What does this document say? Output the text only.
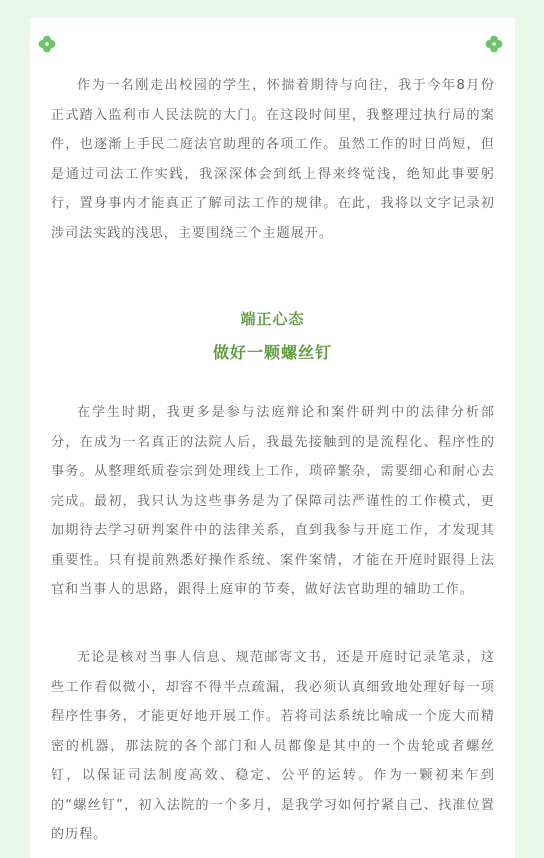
作为一名刚走出校园的学生，怀揣着期待与向往，我于今年8月份正式踏入监利市人民法院的大门。在这段时间里，我整理过执行局的案件，也逐渐上手民二庭法官助理的各项工作。虽然工作的时日尚短，但是通过司法工作实践，我深深体会到纸上得来终觉浅，绝知此事要躬行，置身事内才能真正了解司法工作的规律。在此，我将以文字记录初涉司法实践的浅思，主要围绕三个主题展开。

端正心态
做好一颗螺丝钉

在学生时期，我更多是参与法庭辩论和案件研判中的法律分析部分，在成为一名真正的法院人后，我最先接触到的是流程化、程序性的事务。从整理纸质卷宗到处理线上工作，琐碎繁杂，需要细心和耐心去完成。最初，我只认为这些事务是为了保障司法严谨性的工作模式，更加期待去学习研判案件中的法律关系，直到我参与开庭工作，才发现其重要性。只有提前熟悉好操作系统、案件案情，才能在开庭时跟得上法官和当事人的思路，跟得上庭审的节奏，做好法官助理的辅助工作。

无论是核对当事人信息、规范邮寄文书，还是开庭时记录笔录，这些工作看似微小，却容不得半点疏漏，我必须认真细致地处理好每一项程序性事务，才能更好地开展工作。若将司法系统比喻成一个庞大而精密的机器，那法院的各个部门和人员都像是其中的一个齿轮或者螺丝钉，以保证司法制度高效、稳定、公平的运转。作为一颗初来乍到的“螺丝钉”，初入法院的一个多月，是我学习如何拧紧自己、找准位置的历程。
